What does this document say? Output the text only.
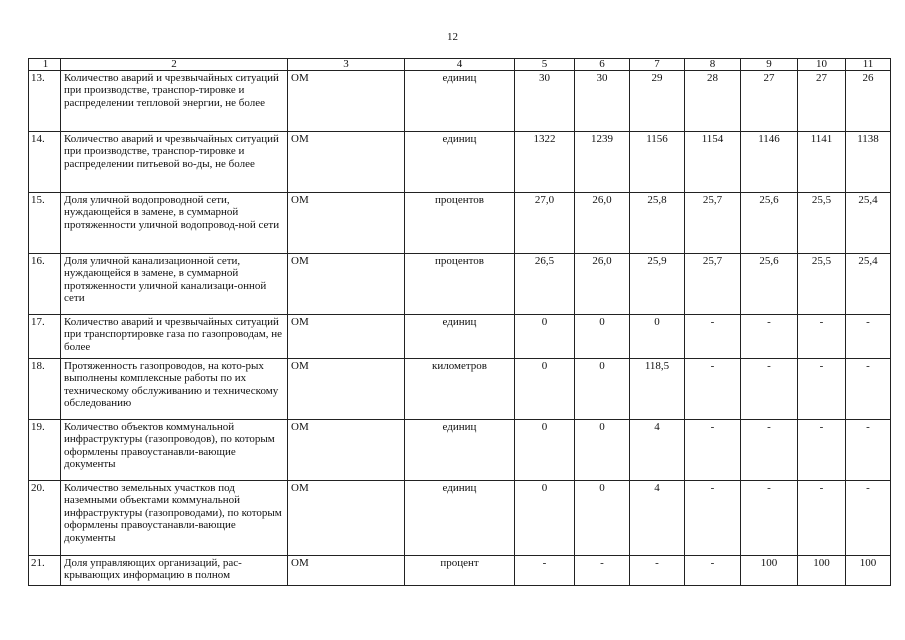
12
1	2	3	4	5	6	7	8	9	10	11
13.	Количество аварий и чрезвычайных ситуаций при производстве, транспор-тировке и распределении тепловой энергии, не более	ОМ	единиц	30	30	29	28	27	27	26
14.	Количество аварий и чрезвычайных ситуаций при производстве, транспор-тировке и распределении питьевой во-ды, не более	ОМ	единиц	1322	1239	1156	1154	1146	1141	1138
15.	Доля уличной водопроводной сети, нуждающейся в замене, в суммарной протяженности уличной водопровод-ной сети	ОМ	процентов	27,0	26,0	25,8	25,7	25,6	25,5	25,4
16.	Доля уличной канализационной сети, нуждающейся в замене, в суммарной протяженности уличной канализаци-онной сети	ОМ	процентов	26,5	26,0	25,9	25,7	25,6	25,5	25,4
17.	Количество аварий и чрезвычайных ситуаций при транспортировке газа по газопроводам, не более	ОМ	единиц	0	0	0	-	-	-	-
18.	Протяженность газопроводов, на кото-рых выполнены комплексные работы по их техническому обслуживанию и техническому обследованию	ОМ	километров	0	0	118,5	-	-	-	-
19.	Количество объектов коммунальной инфраструктуры (газопроводов), по которым оформлены правоустанавли-вающие документы	ОМ	единиц	0	0	4	-	-	-	-
20.	Количество земельных участков под наземными объектами коммунальной инфраструктуры (газопроводами), по которым оформлены правоустанавли-вающие документы	ОМ	единиц	0	0	4	-	-	-	-
21.	Доля управляющих организаций, рас-крывающих информацию в полном	ОМ	процент	-	-	-	-	100	100	100
